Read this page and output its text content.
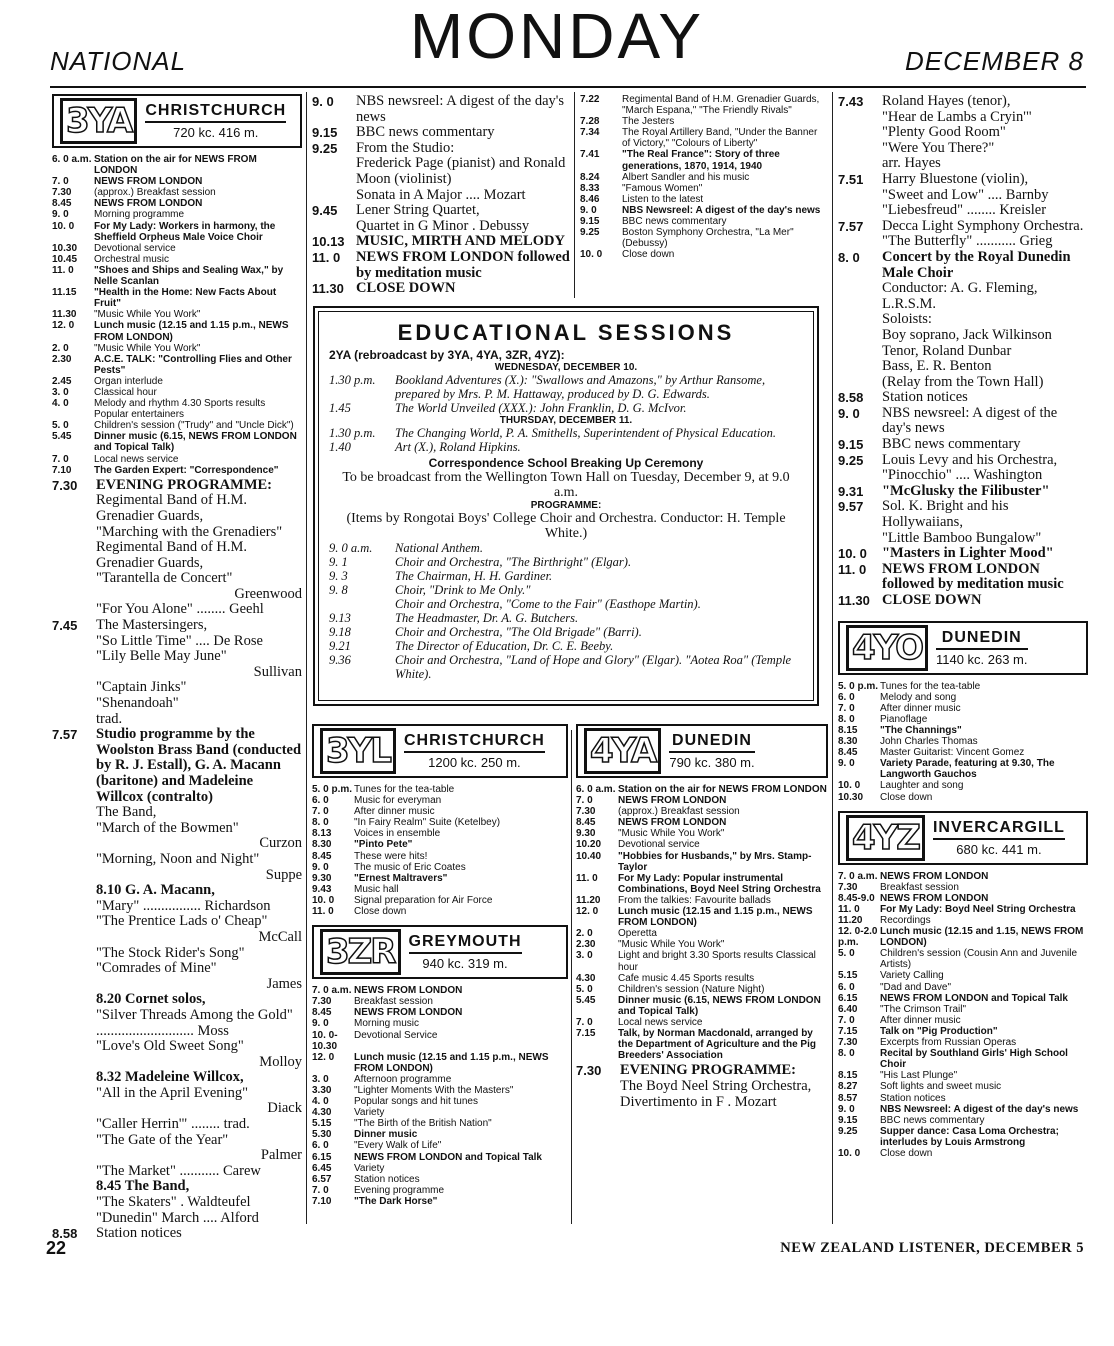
NATIONAL	MONDAY	DECEMBER 8
3YA CHRISTCHURCH
720 kc. 416 m.
6. 0 a.m. Station on the air for NEWS FROM LONDON
7. 0	NEWS FROM LONDON
7.30	(approx.) Breakfast session
8.45	NEWS FROM LONDON
9. 0	Morning programme
10. 0	For My Lady: Workers in harmony, the Sheffield Orpheus Male Voice Choir
10.30	Devotional service
10.45	Orchestral music
11. 0	"Shoes and Ships and Sealing Wax," by Nelle Scanlan
11.15	"Health in the Home: New Facts About Fruit"
11.30	"Music While You Work"
12. 0	Lunch music (12.15 and 1.15 p.m., NEWS FROM LONDON)
2. 0	"Music While You Work"
2.30	A.C.E. TALK: "Controlling Flies and Other Pests"
2.45	Organ interlude
3. 0	Classical hour
4. 0	Melody and rhythm 4.30 Sports results Popular entertainers
5. 0	Children's session ("Trudy" and "Uncle Dick")
5.45	Dinner music (6.15, NEWS FROM LONDON and Topical Talk)
7. 0	Local news service
7.10	The Garden Expert: "Correspondence"
7.30	EVENING PROGRAMME:
Regimental Band of H.M. Grenadier Guards,
"Marching with the Grenadiers"
Regimental Band of H.M. Grenadier Guards,
"Tarantella de Concert"
Greenwood
"For You Alone" ........ Geehl
7.45	The Mastersingers,
"So Little Time" .... De Rose
"Lily Belle May June"
Sullivan
"Captain Jinks"
"Shenandoah"
trad.
7.57	Studio programme by the Woolston Brass Band (conducted by R. J. Estall), G. A. Macann (baritone) and Madeleine Willcox (contralto)
The Band,
"March of the Bowmen"
Curzon
"Morning, Noon and Night"
Suppe
8.10 G. A. Macann,
"Mary" ................ Richardson
"The Prentice Lads o' Cheap"
McCall
"The Stock Rider's Song"
"Comrades of Mine"
James
8.20 Cornet solos,
"Silver Threads Among the Gold" ........................... Moss
"Love's Old Sweet Song"
Molloy
8.32 Madeleine Willcox,
"All in the April Evening"
Diack
"Caller Herrin'" ........ trad.
"The Gate of the Year"
Palmer
"The Market" ........... Carew
8.45 The Band,
"The Skaters" . Waldteufel
"Dunedin" March .... Alford
8.58	Station notices
9. 0	NBS newsreel: A digest of the day's news
9.15	BBC news commentary
9.25	From the Studio:
Frederick Page (pianist) and Ronald Moon (violinist)
Sonata in A Major .... Mozart
9.45	Lener String Quartet,
Quartet in G Minor . Debussy
10.13 MUSIC, MIRTH AND MELODY
11. 0	NEWS FROM LONDON followed by meditation music
11.30 CLOSE DOWN
7.22	Regimental Band of H.M. Grenadier Guards, "March Espana," "The Friendly Rivals"
7.28	The Jesters
7.34	The Royal Artillery Band, "Under the Banner of Victory," "Colours of Liberty"
7.41	"The Real France": Story of three generations, 1870, 1914, 1940
8.24	Albert Sandler and his music
8.33	"Famous Women"
8.46	Listen to the latest
9. 0	NBS Newsreel: A digest of the day's news
9.15	BBC news commentary
9.25	Boston Symphony Orchestra, "La Mer" (Debussy)
10. 0	Close down
EDUCATIONAL SESSIONS
2YA (rebroadcast by 3YA, 4YA, 3ZR, 4YZ):
WEDNESDAY, DECEMBER 10.
1.30 p.m.	Bookland Adventures (X.): "Swallows and Amazons," by Arthur Ransome, prepared by Mrs. P. M. Hattaway, produced by D. G. Edwards.
1.45	The World Unveiled (XXX.): John Franklin, D. G. McIvor.
THURSDAY, DECEMBER 11.
1.30 p.m.	The Changing World, P. A. Smithells, Superintendent of Physical Education.
1.40	Art (X.), Roland Hipkins.
Correspondence School Breaking Up Ceremony
To be broadcast from the Wellington Town Hall on Tuesday, December 9, at 9.0 a.m.
PROGRAMME:
(Items by Rongotai Boys' College Choir and Orchestra. Conductor: H. Temple White.)
9. 0 a.m.	National Anthem.
9. 1	Choir and Orchestra, "The Birthright" (Elgar).
9. 3	The Chairman, H. H. Gardiner.
9. 8	Choir, "Drink to Me Only."
Choir and Orchestra, "Come to the Fair" (Easthope Martin).
9.13	The Headmaster, Dr. A. G. Butchers.
9.18	Choir and Orchestra, "The Old Brigade" (Barri).
9.21	The Director of Education, Dr. C. E. Beeby.
9.36	Choir and Orchestra, "Land of Hope and Glory" (Elgar). "Aotea Roa" (Temple White).
3YL CHRISTCHURCH
1200 kc. 250 m.
5. 0 p.m. Tunes for the tea-table
6. 0	Music for everyman
7. 0	After dinner music
8. 0	"In Fairy Realm" Suite (Ketelbey)
8.13	Voices in ensemble
8.30	"Pinto Pete"
8.45	These were hits!
9. 0	The music of Eric Coates
9.30	"Ernest Maltravers"
9.43	Music hall
10. 0	Signal preparation for Air Force
11. 0	Close down
3ZR GREYMOUTH
940 kc. 319 m.
7. 0 a.m. NEWS FROM LONDON
7.30	Breakfast session
8.45	NEWS FROM LONDON
9. 0	Morning music
10. 0-10.30
Devotional Service
12. 0	Lunch music (12.15 and 1.15 p.m., NEWS FROM LONDON)
3. 0	Afternoon programme
3.30	"Lighter Moments With the Masters"
4. 0	Popular songs and hit tunes
4.30	Variety
5.15	"The Birth of the British Nation"
5.30	Dinner music
6. 0	"Every Walk of Life"
6.15	NEWS FROM LONDON and Topical Talk
6.45	Variety
6.57	Station notices
7. 0	Evening programme
7.10	"The Dark Horse"
4YA	DUNEDIN
790 kc. 380 m.
6. 0 a.m. Station on the air for NEWS FROM LONDON
7. 0	NEWS FROM LONDON
7.30	(approx.) Breakfast session
8.45	NEWS FROM LONDON
9.30	"Music While You Work"
10.20	Devotional service
10.40	"Hobbies for Husbands," by Mrs. Stamp-Taylor
11. 0	For My Lady: Popular instrumental Combinations, Boyd Neel String Orchestra
11.20	From the talkies: Favourite ballads
12. 0	Lunch music (12.15 and 1.15 p.m., NEWS FROM LONDON)
2. 0	Operetta
2.30	"Music While You Work"
3. 0	Light and bright 3.30 Sports results Classical hour
4.30	Cafe music 4.45 Sports results
5. 0	Children's session (Nature Night)
5.45	Dinner music (6.15, NEWS FROM LONDON and Topical Talk)
7. 0	Local news service
7.15	Talk, by Norman Macdonald, arranged by the Department of Agriculture and the Pig Breeders' Association
7.30	EVENING PROGRAMME:
The Boyd Neel String Orchestra,
Divertimento in F . Mozart
7.43	Roland Hayes (tenor),
"Hear de Lambs a Cryin'"
"Plenty Good Room"
"Were You There?"
arr. Hayes
7.51	Harry Bluestone (violin),
"Sweet and Low" .... Barnby
"Liebesfreud" ........ Kreisler
7.57	Decca Light Symphony Orchestra.
"The Butterfly" ........... Grieg
8. 0	Concert by the Royal Dunedin Male Choir
Conductor: A. G. Fleming, L.R.S.M.
Soloists:
Boy soprano, Jack Wilkinson
Tenor, Roland Dunbar
Bass, E. R. Benton
(Relay from the Town Hall)
8.58	Station notices
9. 0	NBS newsreel: A digest of the day's news
9.15	BBC news commentary
9.25	Louis Levy and his Orchestra,
"Pinocchio" .... Washington
9.31	"McGlusky the Filibuster"
9.57	Sol. K. Bright and his Hollywaiians,
"Little Bamboo Bungalow"
10. 0	"Masters in Lighter Mood"
11. 0	NEWS FROM LONDON followed by meditation music
11.30 CLOSE DOWN
4YO	DUNEDIN
1140 kc. 263 m.
5. 0 p.m. Tunes for the tea-table
6. 0	Melody and song
7. 0	After dinner music
8. 0	Pianoflage
8.15	"The Channings"
8.30	John Charles Thomas
8.45	Master Guitarist: Vincent Gomez
9. 0	Variety Parade, featuring at 9.30, The Langworth Gauchos
10. 0	Laughter and song
10.30	Close down
4YZ INVERCARGILL
680 kc. 441 m.
7. 0 a.m. NEWS FROM LONDON
7.30	Breakfast session
8.45-9.0 NEWS FROM LONDON
11. 0	For My Lady: Boyd Neel String Orchestra
11.20	Recordings
12. 0-2.0 p.m.
Lunch music (12.15 and 1.15, NEWS FROM LONDON)
5. 0	Children's session (Cousin Ann and Juvenile Artists)
5.15	Variety Calling
6. 0	"Dad and Dave"
6.15	NEWS FROM LONDON and Topical Talk
6.40	"The Crimson Trail"
7. 0	After dinner music
7.15	Talk on "Pig Production"
7.30	Excerpts from Russian Operas
8. 0	Recital by Southland Girls' High School Choir
8.15	"His Last Plunge"
8.27	Soft lights and sweet music
8.57	Station notices
9. 0	NBS Newsreel: A digest of the day's news
9.15	BBC news commentary
9.25	Supper dance: Casa Loma Orchestra; interludes by Louis Armstrong
10. 0	Close down
22	NEW ZEALAND LISTENER, DECEMBER 5
